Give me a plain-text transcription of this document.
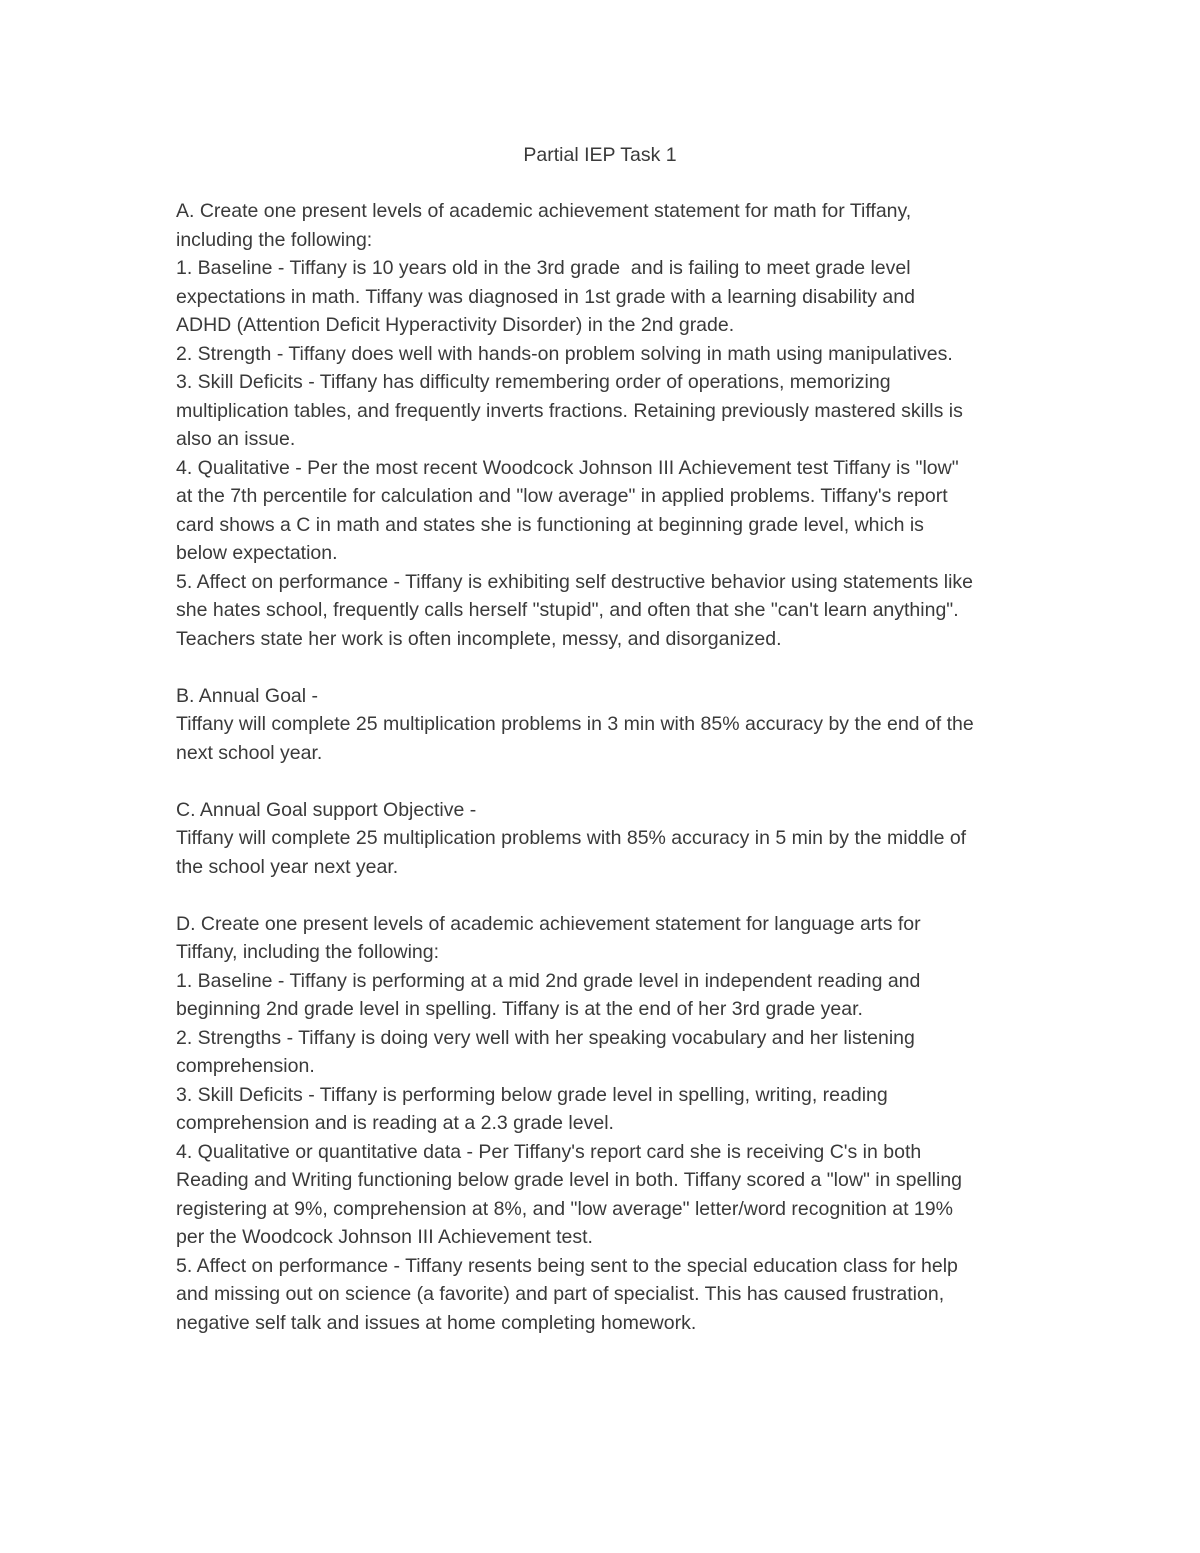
Partial IEP Task 1
A. Create one present levels of academic achievement statement for math for Tiffany,
including the following:
1. Baseline - Tiffany is 10 years old in the 3rd grade  and is failing to meet grade level
expectations in math. Tiffany was diagnosed in 1st grade with a learning disability and
ADHD (Attention Deficit Hyperactivity Disorder) in the 2nd grade.
2. Strength - Tiffany does well with hands-on problem solving in math using manipulatives.
3. Skill Deficits - Tiffany has difficulty remembering order of operations, memorizing
multiplication tables, and frequently inverts fractions. Retaining previously mastered skills is
also an issue.
4. Qualitative - Per the most recent Woodcock Johnson III Achievement test Tiffany is "low"
at the 7th percentile for calculation and "low average" in applied problems. Tiffany's report
card shows a C in math and states she is functioning at beginning grade level, which is
below expectation.
5. Affect on performance - Tiffany is exhibiting self destructive behavior using statements like
she hates school, frequently calls herself "stupid", and often that she "can't learn anything".
Teachers state her work is often incomplete, messy, and disorganized.
B. Annual Goal -
Tiffany will complete 25 multiplication problems in 3 min with 85% accuracy by the end of the
next school year.
C. Annual Goal support Objective -
Tiffany will complete 25 multiplication problems with 85% accuracy in 5 min by the middle of
the school year next year.
D. Create one present levels of academic achievement statement for language arts for
Tiffany, including the following:
1. Baseline - Tiffany is performing at a mid 2nd grade level in independent reading and
beginning 2nd grade level in spelling. Tiffany is at the end of her 3rd grade year.
2. Strengths - Tiffany is doing very well with her speaking vocabulary and her listening
comprehension.
3. Skill Deficits - Tiffany is performing below grade level in spelling, writing, reading
comprehension and is reading at a 2.3 grade level.
4. Qualitative or quantitative data - Per Tiffany's report card she is receiving C's in both
Reading and Writing functioning below grade level in both. Tiffany scored a "low" in spelling
registering at 9%, comprehension at 8%, and "low average" letter/word recognition at 19%
per the Woodcock Johnson III Achievement test.
5. Affect on performance - Tiffany resents being sent to the special education class for help
and missing out on science (a favorite) and part of specialist. This has caused frustration,
negative self talk and issues at home completing homework.
